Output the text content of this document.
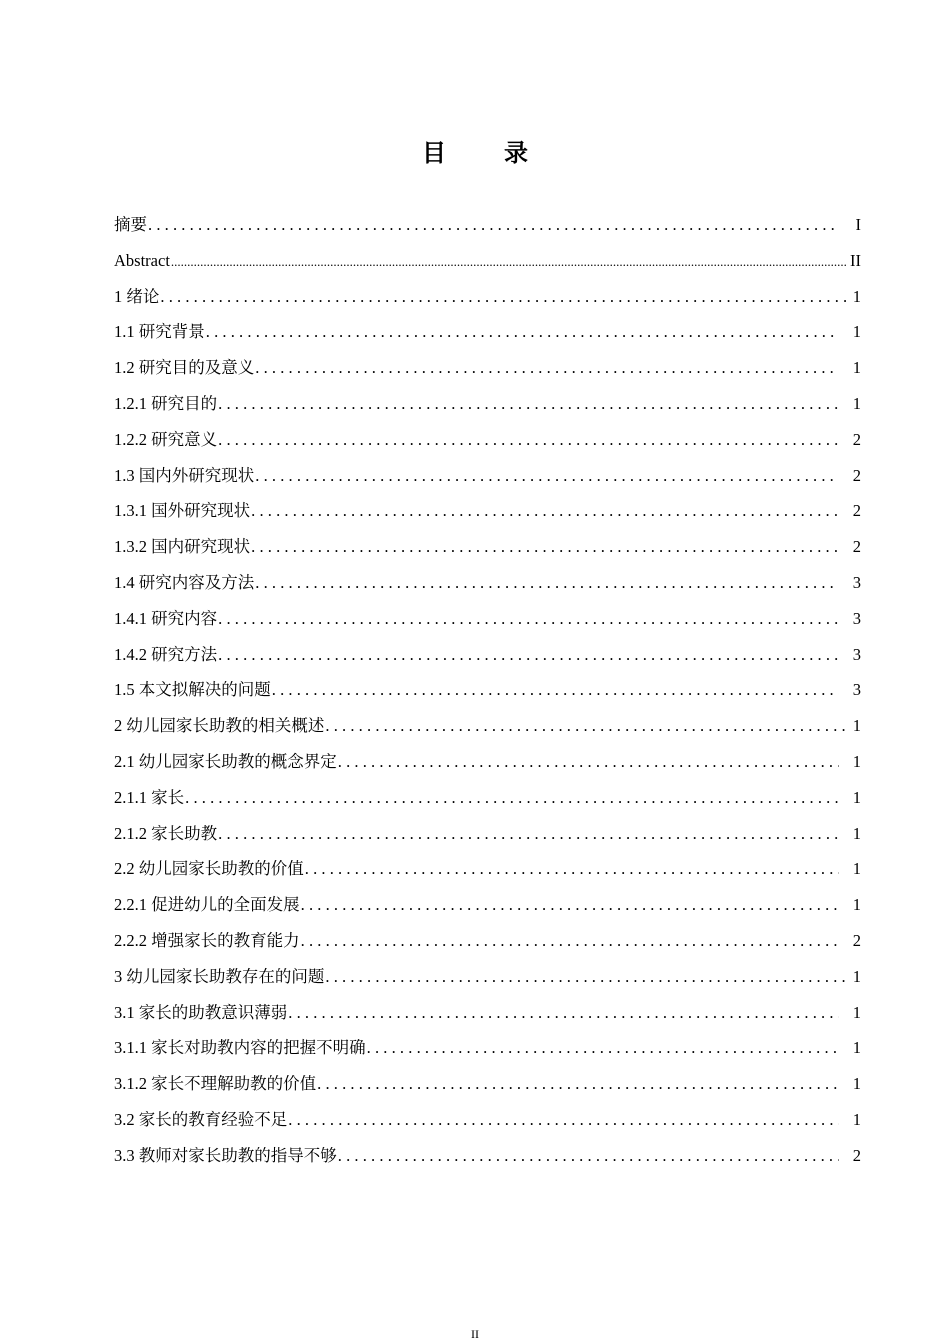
目 录
摘要 .....	I
Abstract .....	II
1 绪论 .....	1
1.1 研究背景 .....	1
1.2 研究目的及意义 .....	1
1.2.1 研究目的 .....	1
1.2.2 研究意义 .....	2
1.3 国内外研究现状 .....	2
1.3.1 国外研究现状 .....	2
1.3.2 国内研究现状 .....	2
1.4 研究内容及方法 .....	3
1.4.1 研究内容 .....	3
1.4.2 研究方法 .....	3
1.5 本文拟解决的问题 .....	3
2 幼儿园家长助教的相关概述 .....	1
2.1 幼儿园家长助教的概念界定 .....	1
2.1.1 家长 .....	1
2.1.2 家长助教 .....	1
2.2 幼儿园家长助教的价值 .....	1
2.2.1 促进幼儿的全面发展 .....	1
2.2.2 增强家长的教育能力 .....	2
3 幼儿园家长助教存在的问题 .....	1
3.1 家长的助教意识薄弱 .....	1
3.1.1 家长对助教内容的把握不明确 .....	1
3.1.2 家长不理解助教的价值 .....	1
3.2 家长的教育经验不足 .....	1
3.3 教师对家长助教的指导不够 .....	2
II
